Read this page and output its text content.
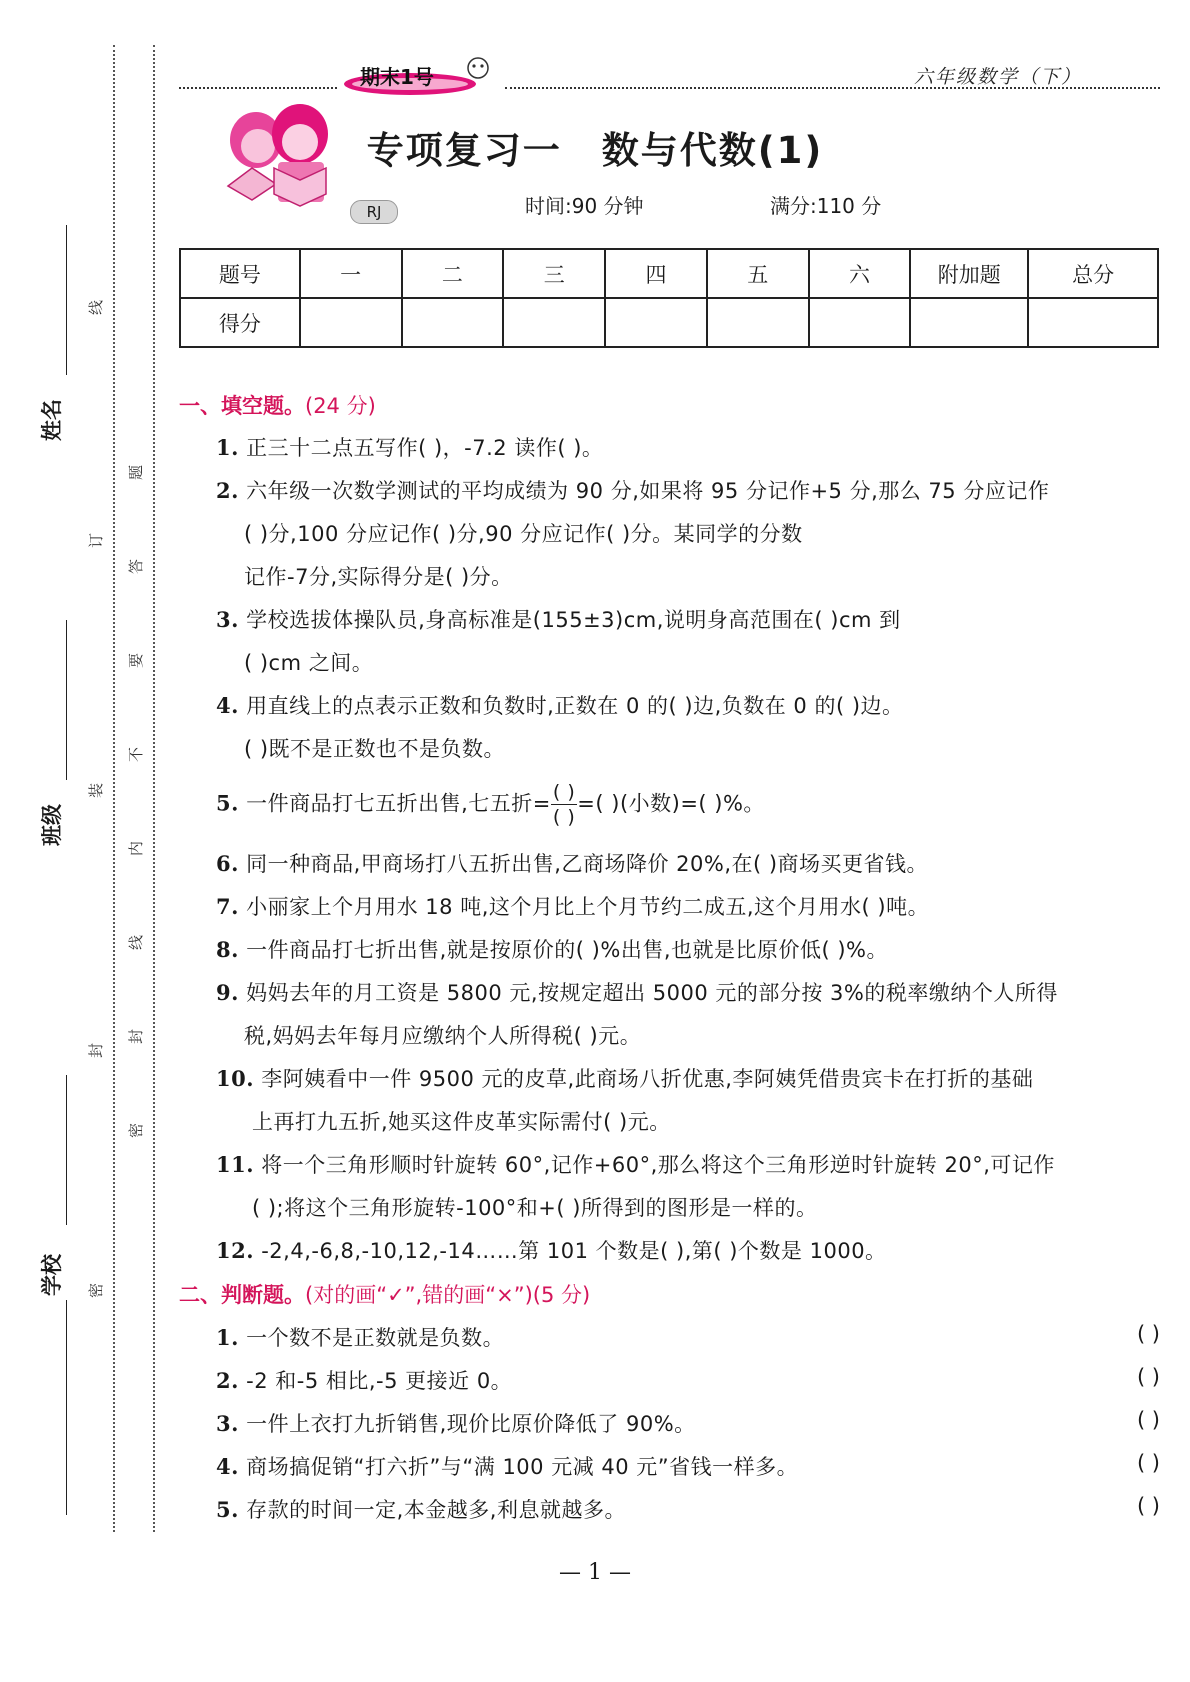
姓名
班级
学校
线
订
装
封
密
题
答
要
不
内
线
封
密
期末1号	六年级数学（下）
RJ
专项复习一 数与代数(1)
时间:90 分钟	满分:110 分
题号	一	二	三	四	五	六	附加题	总分
得分								
一、填空题。(24 分)
1. 正三十二点五写作( )，-7.2 读作( )。
2. 六年级一次数学测试的平均成绩为 90 分,如果将 95 分记作+5 分,那么 75 分应记作
( )分,100 分应记作( )分,90 分应记作( )分。某同学的分数
记作-7分,实际得分是( )分。
3. 学校选拔体操队员,身高标准是(155±3)cm,说明身高范围在( )cm 到
( )cm 之间。
4. 用直线上的点表示正数和负数时,正数在 0 的( )边,负数在 0 的( )边。
( )既不是正数也不是负数。
5. 一件商品打七五折出售,七五折= $\frac{( )}{( )}$ =( )(小数)=( )%。
6. 同一种商品,甲商场打八五折出售,乙商场降价 20%,在( )商场买更省钱。
7. 小丽家上个月用水 18 吨,这个月比上个月节约二成五,这个月用水( )吨。
8. 一件商品打七折出售,就是按原价的( )%出售,也就是比原价低( )%。
9. 妈妈去年的月工资是 5800 元,按规定超出 5000 元的部分按 3%的税率缴纳个人所得
税,妈妈去年每月应缴纳个人所得税( )元。
10. 李阿姨看中一件 9500 元的皮草,此商场八折优惠,李阿姨凭借贵宾卡在打折的基础
上再打九五折,她买这件皮革实际需付( )元。
11. 将一个三角形顺时针旋转 60°,记作+60°,那么将这个三角形逆时针旋转 20°,可记作
( );将这个三角形旋转-100°和+( )所得到的图形是一样的。
12. -2,4,-6,8,-10,12,-14……第 101 个数是( ),第( )个数是 1000。
二、判断题。(对的画“✓”,错的画“×”)(5 分)
1. 一个数不是正数就是负数。	( )
2. -2 和-5 相比,-5 更接近 0。	( )
3. 一件上衣打九折销售,现价比原价降低了 90%。	( )
4. 商场搞促销“打六折”与“满 100 元减 40 元”省钱一样多。	( )
5. 存款的时间一定,本金越多,利息就越多。	( )
— 1 —
